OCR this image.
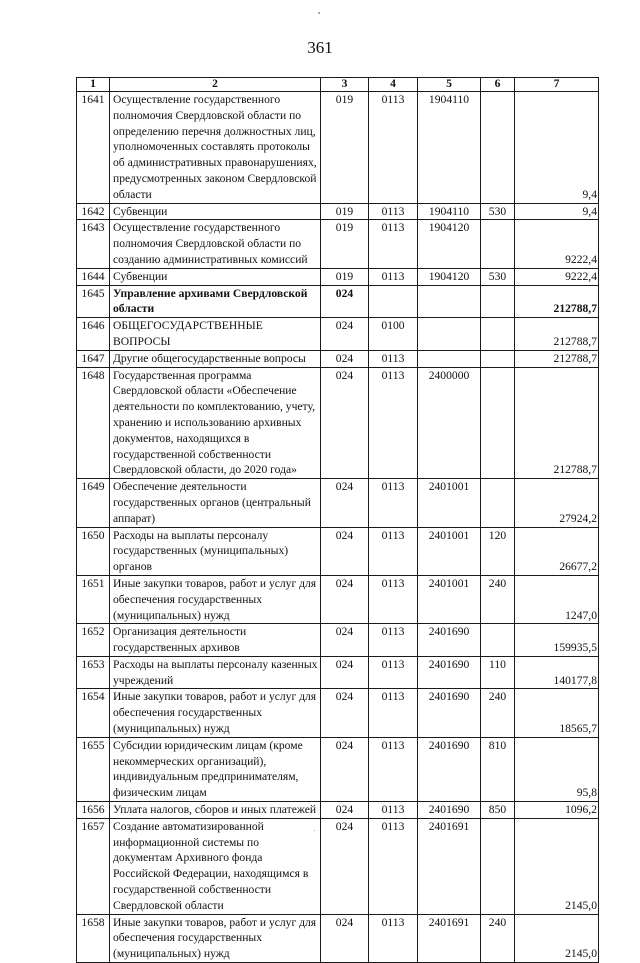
361
1	2	3	4	5	6	7
1641	Осуществление государственного полномочия Свердловской области по определению перечня должностных лиц, уполномоченных составлять протоколы об административных правонарушениях, предусмотренных законом Свердловской области	019	0113	1904110		9,4
1642	Субвенции	019	0113	1904110	530	9,4
1643	Осуществление государственного полномочия Свердловской области по созданию административных комиссий	019	0113	1904120		9222,4
1644	Субвенции	019	0113	1904120	530	9222,4
1645	Управление архивами Свердловской области	024				212788,7
1646	ОБЩЕГОСУДАРСТВЕННЫЕ ВОПРОСЫ	024	0100			212788,7
1647	Другие общегосударственные вопросы	024	0113			212788,7
1648	Государственная программа Свердловской области «Обеспечение деятельности по комплектованию, учету, хранению и использованию архивных документов, находящихся в государственной собственности Свердловской области, до 2020 года»	024	0113	2400000		212788,7
1649	Обеспечение деятельности государственных органов (центральный аппарат)	024	0113	2401001		27924,2
1650	Расходы на выплаты персоналу государственных (муниципальных) органов	024	0113	2401001	120	26677,2
1651	Иные закупки товаров, работ и услуг для обеспечения государственных (муниципальных) нужд	024	0113	2401001	240	1247,0
1652	Организация деятельности государственных архивов	024	0113	2401690		159935,5
1653	Расходы на выплаты персоналу казенных учреждений	024	0113	2401690	110	140177,8
1654	Иные закупки товаров, работ и услуг для обеспечения государственных (муниципальных) нужд	024	0113	2401690	240	18565,7
1655	Субсидии юридическим лицам (кроме некоммерческих организаций), индивидуальным предпринимателям, физическим лицам	024	0113	2401690	810	95,8
1656	Уплата налогов, сборов и иных платежей	024	0113	2401690	850	1096,2
1657	Создание автоматизированной информационной системы по документам Архивного фонда Российской Федерации, находящимся в государственной собственности Свердловской области	024	0113	2401691		2145,0
1658	Иные закупки товаров, работ и услуг для обеспечения государственных (муниципальных) нужд	024	0113	2401691	240	2145,0
